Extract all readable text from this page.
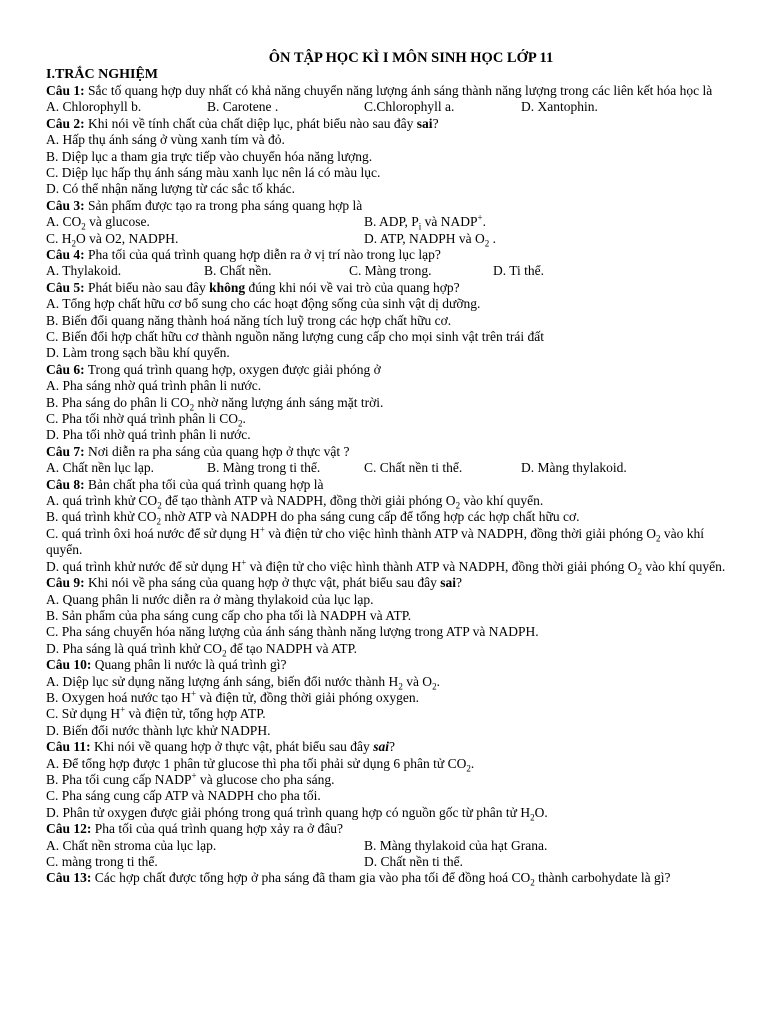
ÔN TẬP HỌC KÌ I MÔN SINH HỌC LỚP 11
I.TRẮC NGHIỆM
Câu 1: Sắc tố quang hợp duy nhất có khả năng chuyển năng lượng ánh sáng thành năng lượng trong các liên kết hóa học là
A. Chlorophyll b.	B. Carotene .	C.Chlorophyll a.	D. Xantophin.
Câu 2: Khi nói về tính chất của chất diệp lục, phát biểu nào sau đây sai?
A. Hấp thụ ánh sáng ở vùng xanh tím và đỏ.
B. Diệp lục a tham gia trực tiếp vào chuyển hóa năng lượng.
C. Diệp lục hấp thụ ánh sáng màu xanh lục nên lá có màu lục.
D. Có thể nhận năng lượng từ các sắc tố khác.
Câu 3: Sản phẩm được tạo ra trong pha sáng quang hợp là
A. $CO_2$ và glucose.	B. ADP, $P_i$ và NADP+.
C. $H_2O$ và O2, NADPH.	D. ATP, NADPH và $O_2$ .
Câu 4: Pha tối của quá trình quang hợp diễn ra ở vị trí nào trong lục lạp?
A. Thylakoid.	B. Chất nền.	C. Màng trong.	D. Ti thể.
Câu 5: Phát biểu nào sau đây không đúng khi nói về vai trò của quang hợp?
A. Tổng hợp chất hữu cơ bổ sung cho các hoạt động sống của sinh vật dị dưỡng.
B. Biến đổi quang năng thành hoá năng tích luỹ trong các hợp chất hữu cơ.
C. Biến đổi hợp chất hữu cơ thành nguồn năng lượng cung cấp cho mọi sinh vật trên trái đất
D. Làm trong sạch bầu khí quyển.
Câu 6: Trong quá trình quang hợp, oxygen được giải phóng ở
A. Pha sáng nhờ quá trình phân li nước.
B. Pha sáng do phân li $CO_2$ nhờ năng lượng ánh sáng mặt trời.
C. Pha tối nhờ quá trình phân li $CO_2$.
D. Pha tối nhờ quá trình phân li nước.
Câu 7: Nơi diễn ra pha sáng của quang hợp ở thực vật ?
A. Chất nền lục lạp.	B. Màng trong ti thể.	C. Chất nền ti thể.	D. Màng thylakoid.
Câu 8: Bản chất pha tối của quá trình quang hợp là
A. quá trình khử $CO_2$ để tạo thành ATP và NADPH, đồng thời giải phóng $O_2$ vào khí quyển.
B. quá trình khử $CO_2$ nhờ ATP và NADPH do pha sáng cung cấp để tổng hợp các hợp chất hữu cơ.
C. quá trình ôxi hoá nước để sử dụng H+ và điện tử cho việc hình thành ATP và NADPH, đồng thời giải phóng $O_2$ vào khí quyển.
D. quá trình khử nước để sử dụng H+ và điện tử cho việc hình thành ATP và NADPH, đồng thời giải phóng $O_2$ vào khí quyển.
Câu 9: Khi nói về pha sáng của quang hợp ở thực vật, phát biểu sau đây sai?
A. Quang phân li nước diễn ra ở màng thylakoid của lục lạp.
B. Sản phẩm của pha sáng cung cấp cho pha tối là NADPH và ATP.
C. Pha sáng chuyển hóa năng lượng của ánh sáng thành năng lượng trong ATP và NADPH.
D. Pha sáng là quá trình khử $CO_2$ để tạo NADPH và ATP.
Câu 10: Quang phân li nước là quá trình gì?
A. Diệp lục sử dụng năng lượng ánh sáng, biến đổi nước thành $H_2$ và $O_2$.
B. Oxygen hoá nước tạo H+ và điện tử, đồng thời giải phóng oxygen.
C. Sử dụng H+ và điện tử, tổng hợp ATP.
D. Biến đổi nước thành lực khử NADPH.
Câu 11: Khi nói về quang hợp ở thực vật, phát biểu sau đây sai?
A. Để tổng hợp được 1 phân tử glucose thì pha tối phải sử dụng 6 phân tử $CO_2$.
B. Pha tối cung cấp NADP+ và glucose cho pha sáng.
C. Pha sáng cung cấp ATP và NADPH cho pha tối.
D. Phân tử oxygen được giải phóng trong quá trình quang hợp có nguồn gốc từ phân tử $H_2O$.
Câu 12: Pha tối của quá trình quang hợp xảy ra ở đâu?
A. Chất nền stroma của lục lạp.	B. Màng thylakoid của hạt Grana.
C. màng trong ti thể.	D. Chất nền ti thể.
Câu 13: Các hợp chất được tổng hợp ở pha sáng đã tham gia vào pha tối để đồng hoá $CO_2$ thành carbohydate là gì?
